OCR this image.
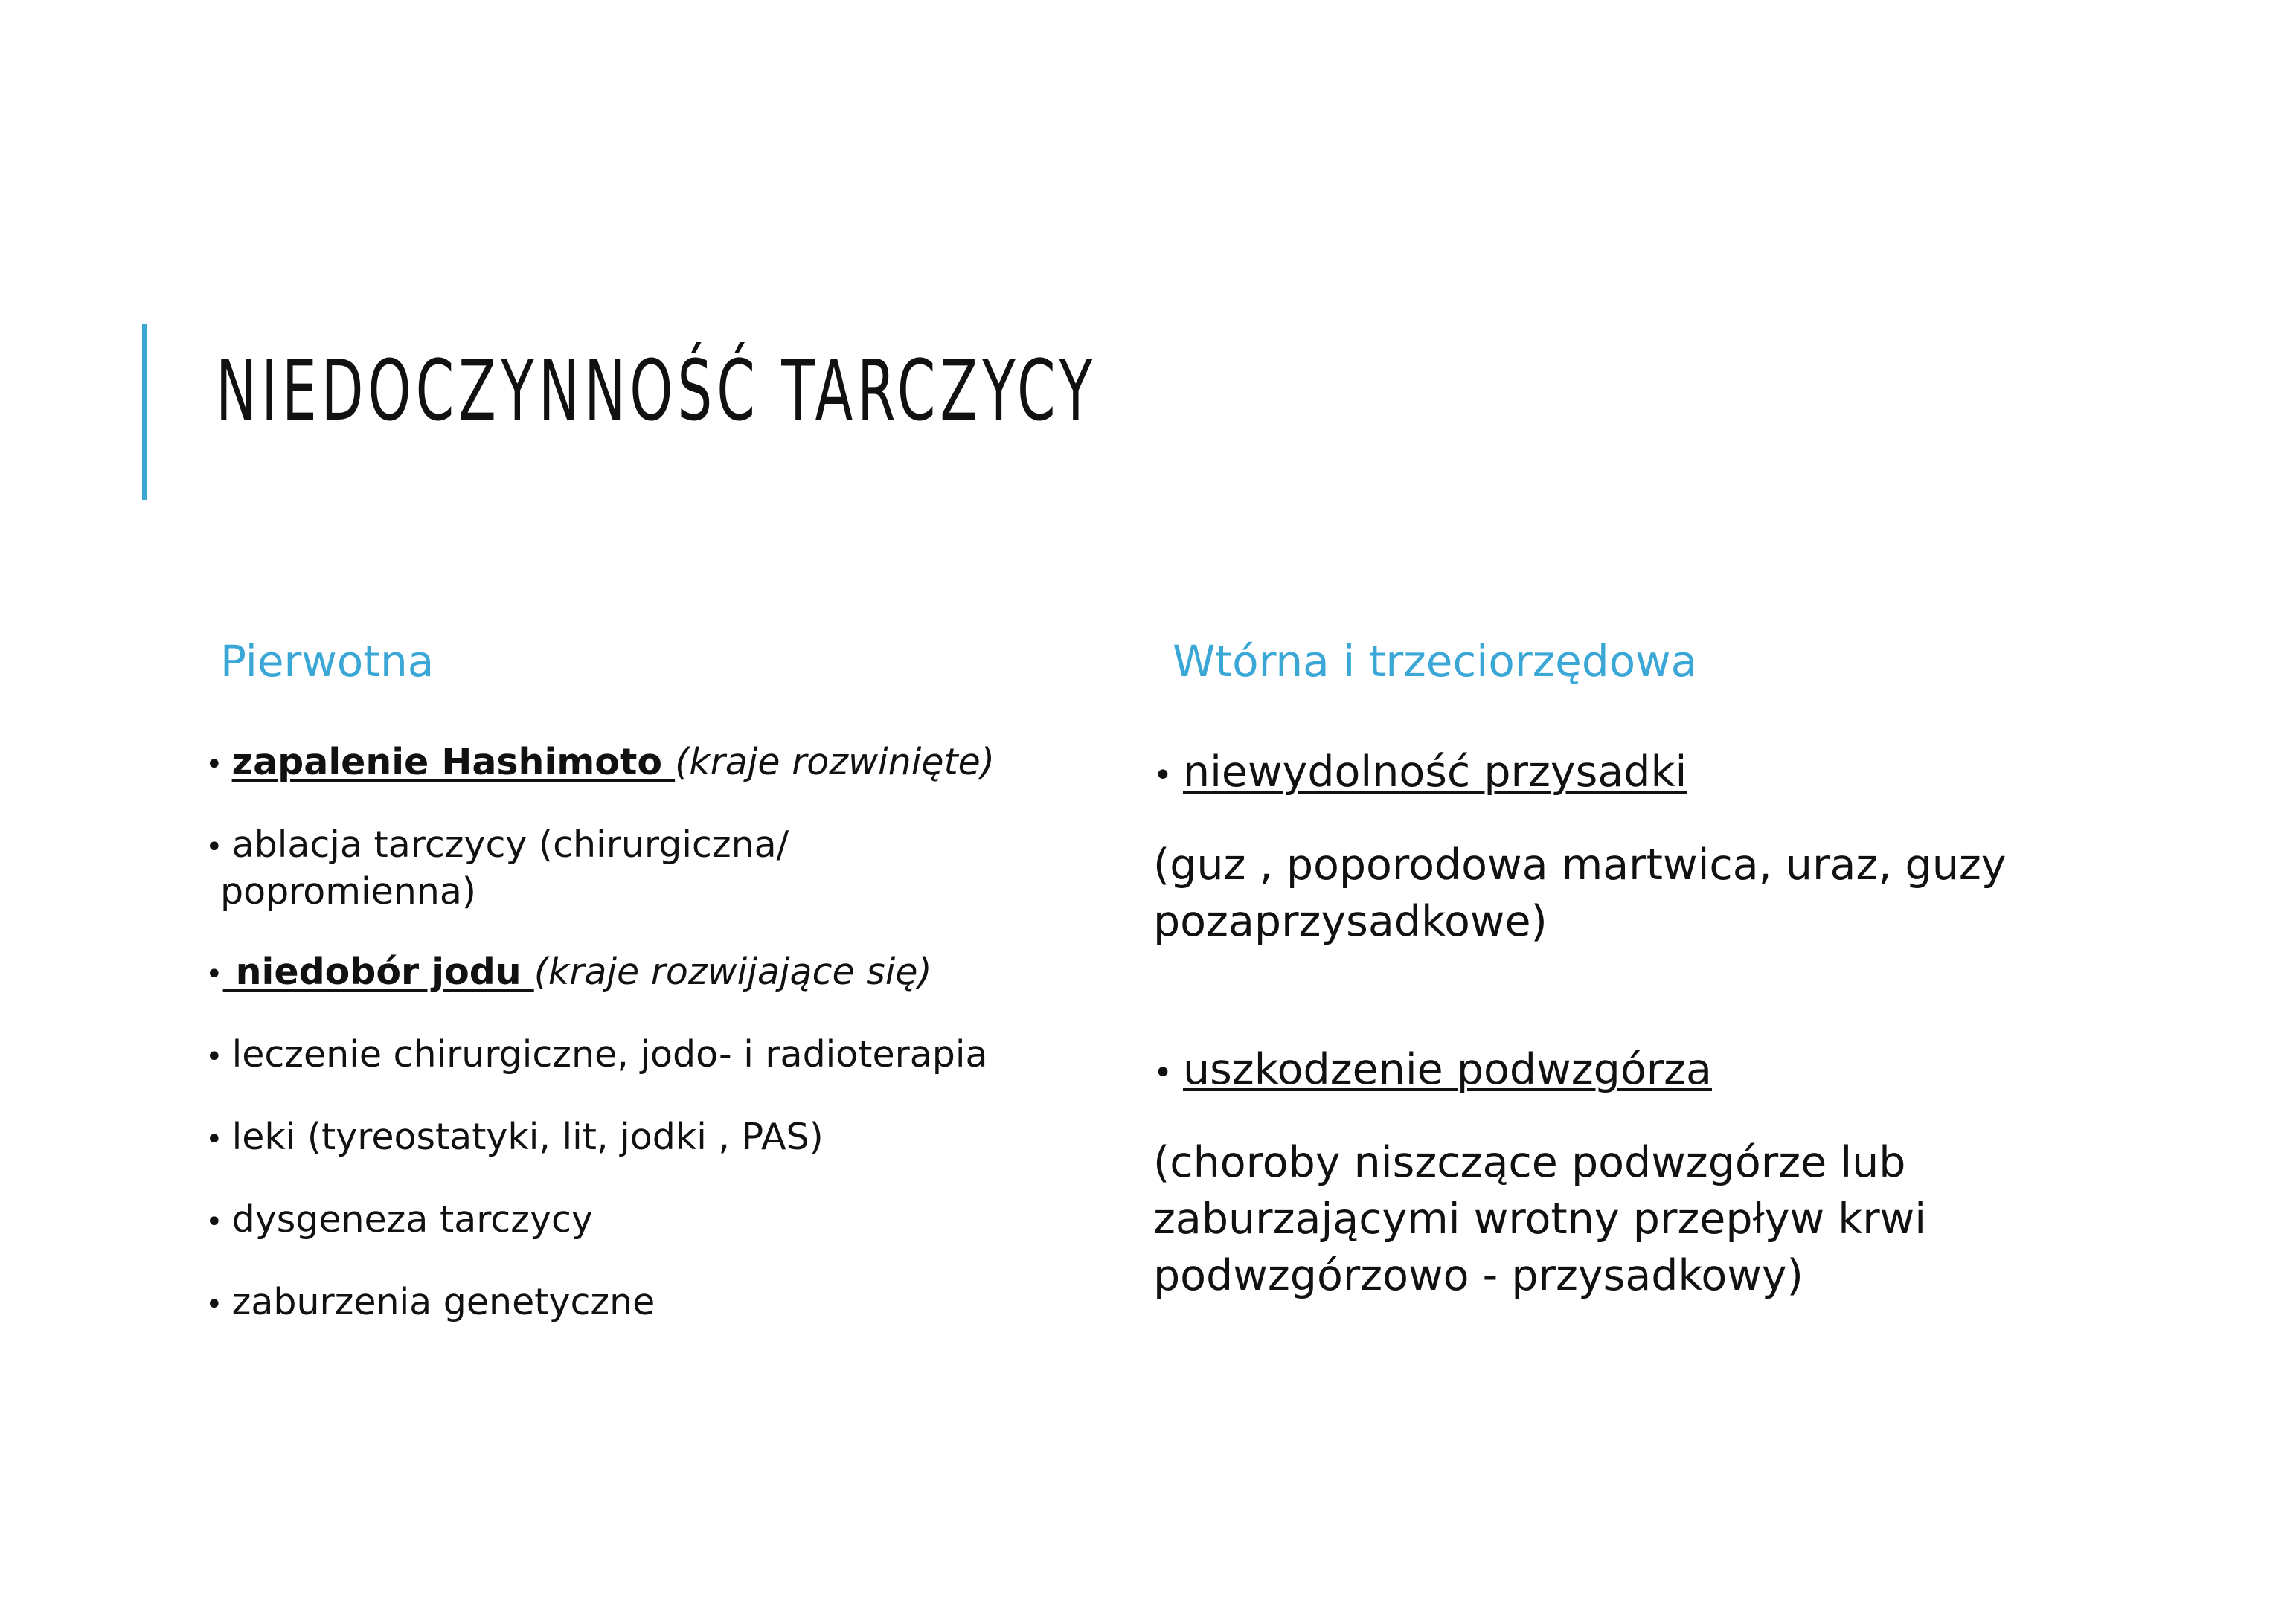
NIEDOCZYNNOŚĆ TARCZYCY
Pierwotna	Wtórna i trzeciorzędowa
• zapalenie Hashimoto (kraje rozwinięte)
• ablacja tarczycy (chirurgiczna/
popromienna)
• niedobór jodu (kraje rozwijające się)
• leczenie chirurgiczne, jodo- i radioterapia
• leki (tyreostatyki, lit, jodki , PAS)
• dysgeneza tarczycy
• zaburzenia genetyczne

• niewydolność przysadki

(guz , poporodowa martwica, uraz, guzy pozaprzysadkowe)

• uszkodzenie podwzgórza

(choroby niszczące podwzgórze lub zaburzającymi wrotny przepływ krwi podwzgórzowo - przysadkowy)
